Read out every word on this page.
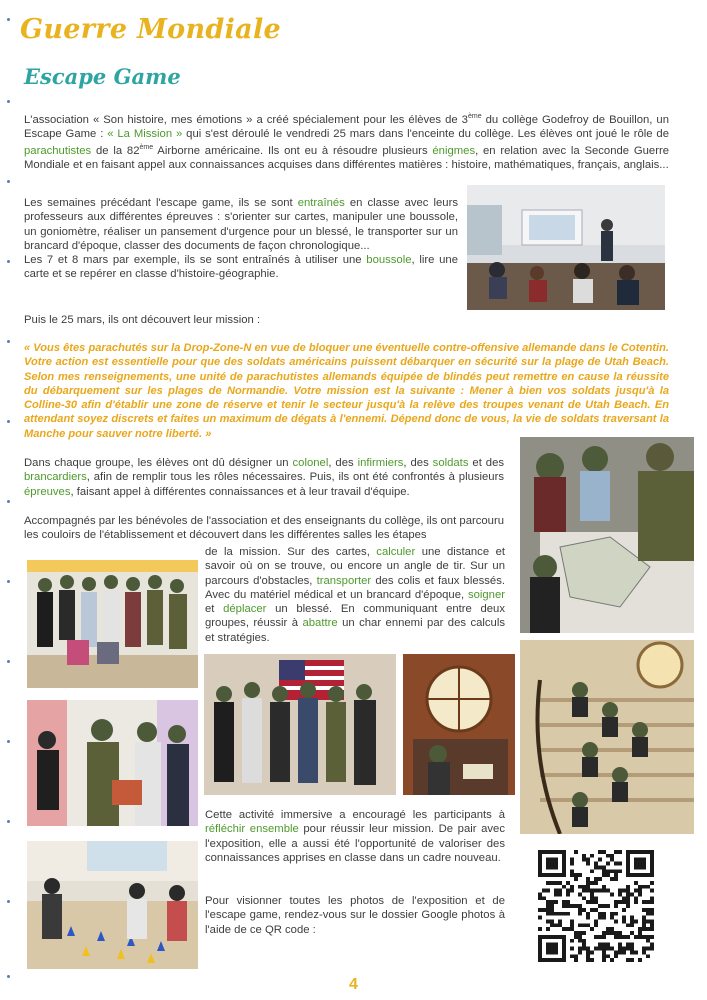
Guerre Mondiale
Escape Game

L'association « Son histoire, mes émotions » a créé spécialement pour les élèves de 3ème du collège Godefroy de Bouillon, un Escape Game : « La Mission » qui s'est déroulé le vendredi 25 mars dans l'enceinte du collège. Les élèves ont joué le rôle de parachutistes de la 82ème Airborne américaine. Ils ont eu à résoudre plusieurs énigmes, en relation avec la Seconde Guerre Mondiale et en faisant appel aux connaissances acquises dans différentes matières : histoire, mathématiques, français, anglais...

Les semaines précédant l'escape game, ils se sont entraînés en classe avec leurs professeurs aux différentes épreuves : s'orienter sur cartes, manipuler une boussole, un goniomètre, réaliser un pansement d'urgence pour un blessé, le transporter sur un brancard d'époque, classer des documents de façon chronologique...
Les 7 et 8 mars par exemple, ils se sont entraînés à utiliser une boussole, lire une carte et se repérer en classe d'histoire-géographie.

Puis le 25 mars, ils ont découvert leur mission :

« Vous êtes parachutés sur la Drop-Zone-N en vue de bloquer une éventuelle contre-offensive allemande dans le Cotentin. Votre action est essentielle pour que des soldats américains puissent débarquer en sécurité sur la plage de Utah Beach. Selon mes renseignements, une unité de parachutistes allemands équipée de blindés peut remettre en cause la réussite du débarquement sur les plages de Normandie. Votre mission est la suivante : Mener à bien vos soldats jusqu'à la Colline-30 afin d'établir une zone de réserve et tenir le secteur jusqu'à la relève des troupes venant de Utah Beach. En attendant soyez discrets et faites un maximum de dégats à l'ennemi. Dépend donc de vous, la vie de soldats traversant la Manche pour sauver notre liberté. »

Dans chaque groupe, les élèves ont dû désigner un colonel, des infirmiers, des soldats et des brancardiers, afin de remplir tous les rôles nécessaires. Puis, ils ont été confrontés à plusieurs épreuves, faisant appel à différentes connaissances et à leur travail d'équipe.

Accompagnés par les bénévoles de l'association et des enseignants du collège, ils ont parcouru les couloirs de l'établissement et découvert dans les différentes salles les étapes

de la mission. Sur des cartes, calculer une distance et savoir où on se trouve, ou encore un angle de tir. Sur un parcours d'obstacles, transporter des colis et faux blessés. Avec du matériel médical et un brancard d'époque, soigner et déplacer un blessé. En communiquant entre deux groupes, réussir à abattre un char ennemi par des calculs et stratégies.

Cette activité immersive a encouragé les participants à réfléchir ensemble pour réussir leur mission. De pair avec l'exposition, elle a aussi été l'opportunité de valoriser des connaissances apprises en classe dans un cadre nouveau.

Pour visionner toutes les photos de l'exposition et de l'escape game, rendez-vous sur le dossier Google photos à l'aide de ce QR code :

4
